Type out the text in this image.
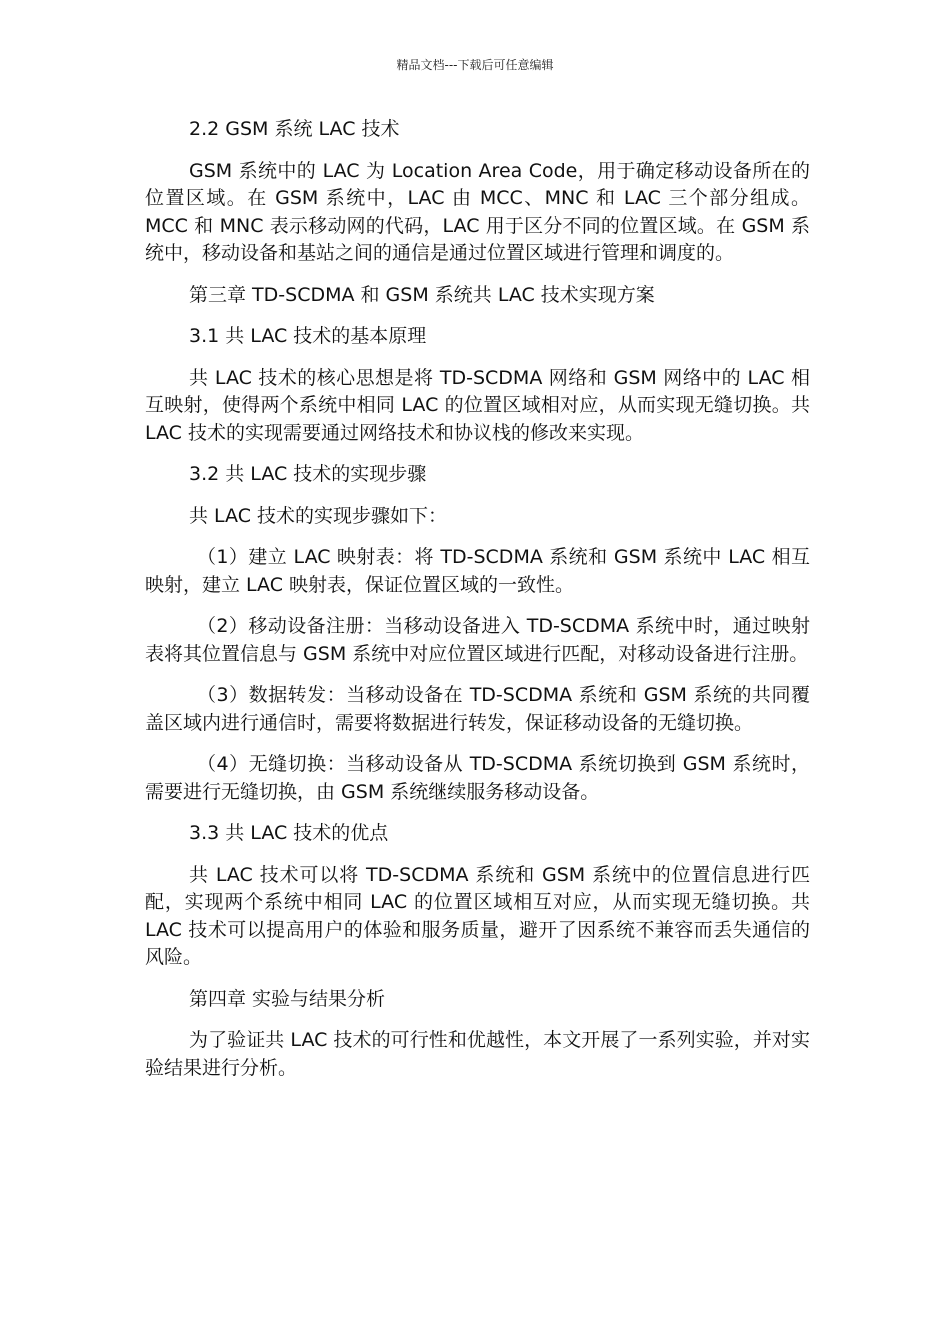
精品文档---下载后可任意编辑

2.2 GSM 系统 LAC 技术

GSM 系统中的 LAC 为 Location Area Code，用于确定移动设备所在的位置区域。在 GSM 系统中，LAC 由 MCC、MNC 和 LAC 三个部分组成。MCC 和 MNC 表示移动网的代码，LAC 用于区分不同的位置区域。在 GSM 系统中，移动设备和基站之间的通信是通过位置区域进行管理和调度的。

第三章 TD-SCDMA 和 GSM 系统共 LAC 技术实现方案

3.1 共 LAC 技术的基本原理

共 LAC 技术的核心思想是将 TD-SCDMA 网络和 GSM 网络中的 LAC 相互映射，使得两个系统中相同 LAC 的位置区域相对应，从而实现无缝切换。共 LAC 技术的实现需要通过网络技术和协议栈的修改来实现。

3.2 共 LAC 技术的实现步骤

共 LAC 技术的实现步骤如下：

（1）建立 LAC 映射表：将 TD-SCDMA 系统和 GSM 系统中 LAC 相互映射，建立 LAC 映射表，保证位置区域的一致性。

（2）移动设备注册：当移动设备进入 TD-SCDMA 系统中时，通过映射表将其位置信息与 GSM 系统中对应位置区域进行匹配，对移动设备进行注册。

（3）数据转发：当移动设备在 TD-SCDMA 系统和 GSM 系统的共同覆盖区域内进行通信时，需要将数据进行转发，保证移动设备的无缝切换。

（4）无缝切换：当移动设备从 TD-SCDMA 系统切换到 GSM 系统时，需要进行无缝切换，由 GSM 系统继续服务移动设备。

3.3 共 LAC 技术的优点

共 LAC 技术可以将 TD-SCDMA 系统和 GSM 系统中的位置信息进行匹配，实现两个系统中相同 LAC 的位置区域相互对应，从而实现无缝切换。共 LAC 技术可以提高用户的体验和服务质量，避开了因系统不兼容而丢失通信的风险。

第四章 实验与结果分析

为了验证共 LAC 技术的可行性和优越性，本文开展了一系列实验，并对实验结果进行分析。
